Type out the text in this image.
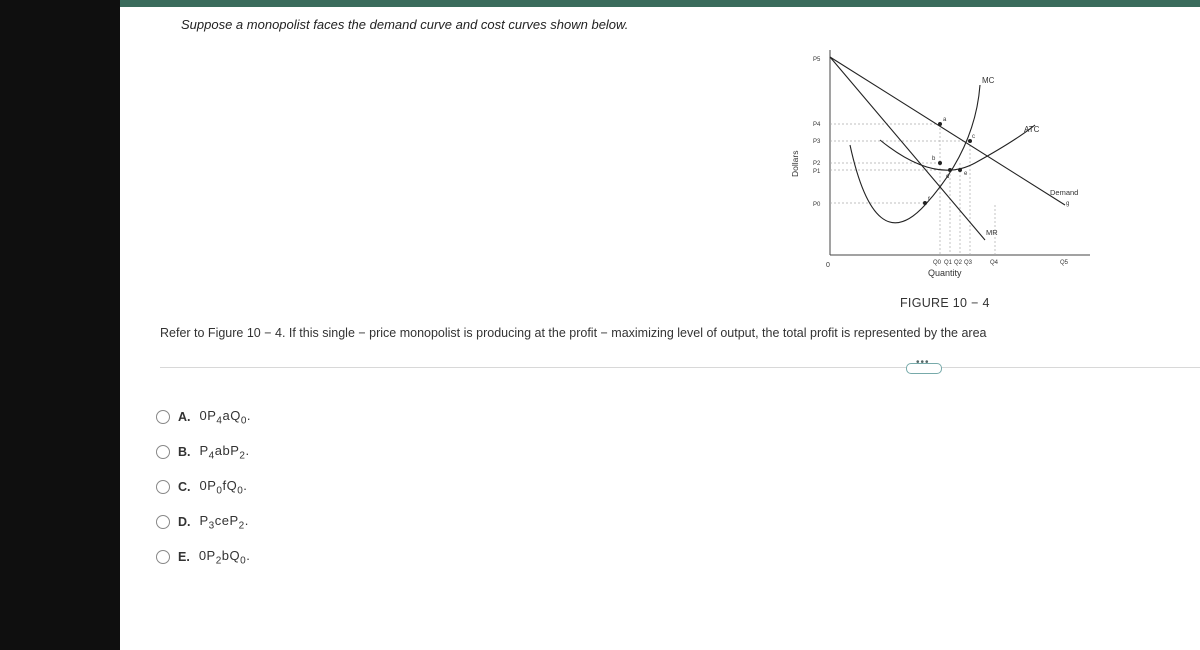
Suppose a monopolist faces the demand curve and cost curves shown below.
MC
ATC
Demand
MR
a
b
c
d e
f
g
Dollars
Quantity
0
P5
P4
P3
P2
P1
P0
Q0 Q1 Q2 Q3	Q4	Q5
FIGURE 10 − 4
Refer to Figure 10 − 4. If this single − price monopolist is producing at the profit − maximizing level of output, the total profit is represented by the area
•••
A. $0P_4aQ_0$.
B. $P_4abP_2$.
C. $0P_0fQ_0$.
D. $P_3ceP_2$.
E. $0P_2bQ_0$.
